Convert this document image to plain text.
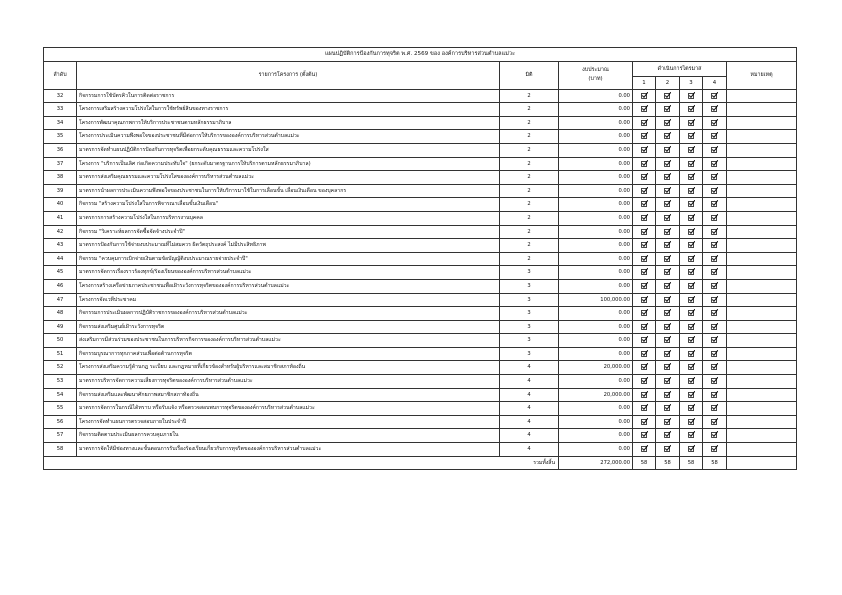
แผนปฏิบัติการป้องกันการทุจริต พ.ศ. 2569 ของ องค์การบริหารส่วนตำบลแม่วะ								
ลำดับ	รายการโครงการ (ตั้งต้น)	มิติ	งบประมาณ
(บาท)	ดำเนินการไตรมาส				หมายเหตุ
				1	2	3	4	
32	กิจกรรมการใช้บัตรคิวในการติดต่อราชการ	2	0.00					
33	โครงการเสริมสร้างความโปร่งใสในการใช้ทรัพย์สินของทางราชการ	2	0.00					
34	โครงการพัฒนาคุณภาพการให้บริการประชาชนตามหลักธรรมาภิบาล	2	0.00					
35	โครงการประเมินความพึงพอใจของประชาชนที่มีต่อการให้บริการขององค์การบริหารส่วนตำบลแม่วะ	2	0.00					
36	มาตรการจัดทำแผนปฏิบัติการป้องกันการทุจริตเพื่อยกระดับคุณธรรมและความโปร่งใส	2	0.00					
37	โครงการ "บริการเป็นเลิศ ก่อเกิดความประทับใจ" (ยกระดับมาตรฐานการให้บริการตามหลักธรรมาภิบาล)	2	0.00					
38	มาตรการส่งเสริมคุณธรรมและความโปร่งใสขององค์การบริหารส่วนตำบลแม่วะ	2	0.00					
39	มาตรการนำผลการประเมินความพึงพอใจของประชาชนในการให้บริการมาใช้ในการเลื่อนขั้น เลื่อนเงินเดือน ของบุคลากร	2	0.00					
40	กิจกรรม "สร้างความโปร่งใสในการพิจารณาเลื่อนขั้นเงินเดือน"	2	0.00					
41	มาตรการการสร้างความโปร่งใสในการบริหารงานบุคคล	2	0.00					
42	กิจกรรม "วิเคราะห์ผลการจัดซื้อจัดจ้างประจำปี"	2	0.00					
43	มาตรการป้องกันการใช้จ่ายงบประมาณที่ไม่สมควร ผิดวัตถุประสงค์ ไม่มีประสิทธิภาพ	2	0.00					
44	กิจกรรม "ควบคุมการเบิกจ่ายเงินตามข้อบัญญัติงบประมาณรายจ่ายประจำปี"	2	0.00					
45	มาตรการจัดการเรื่องราวร้องทุกข์/ร้องเรียนขององค์การบริหารส่วนตำบลแม่วะ	3	0.00					
46	โครงการสร้างเครือข่ายภาคประชาชนเพื่อเฝ้าระวังการทุจริตขององค์การบริหารส่วนตำบลแม่วะ	3	0.00					
47	โครงการจัดเวทีประชาคม	3	100,000.00					
48	กิจกรรมการประเมินผลการปฏิบัติราชการขององค์การบริหารส่วนตำบลแม่วะ	3	0.00					
49	กิจกรรมส่งเสริมศูนย์เฝ้าระวังการทุจริต	3	0.00					
50	ส่งเสริมการมีส่วนร่วมของประชาชนในการบริหารกิจการขององค์การบริหารส่วนตำบลแม่วะ	3	0.00					
51	กิจกรรมบูรณาการทุกภาคส่วนเพื่อต่อต้านการทุจริต	3	0.00					
52	โครงการส่งเสริมความรู้ด้านกฎ ระเบียบ และกฎหมายที่เกี่ยวข้องสำหรับผู้บริหารและสมาชิกสภาท้องถิ่น	4	20,000.00					
53	มาตรการบริหารจัดการความเสี่ยงการทุจริตขององค์การบริหารส่วนตำบลแม่วะ	4	0.00					
54	กิจกรรมส่งเสริมและพัฒนาศักยภาพสมาชิกสภาท้องถิ่น	4	20,000.00					
55	มาตรการจัดการในกรณีได้ทราบ หรือรับแจ้ง หรือตรวจสอบพบการทุจริตขององค์การบริหารส่วนตำบลแม่วะ	4	0.00					
56	โครงการจัดทำแผนการตรวจสอบภายในประจำปี	4	0.00					
57	กิจกรรมติดตามประเมินผลการควบคุมภายใน	4	0.00					
58	มาตรการจัดให้มีช่องทางและขั้นตอนการรับเรื่องร้องเรียนเกี่ยวกับการทุจริตขององค์การบริหารส่วนตำบลแม่วะ	4	0.00					
รวมทั้งสิ้น			272,000.00	58	58	58	58	
